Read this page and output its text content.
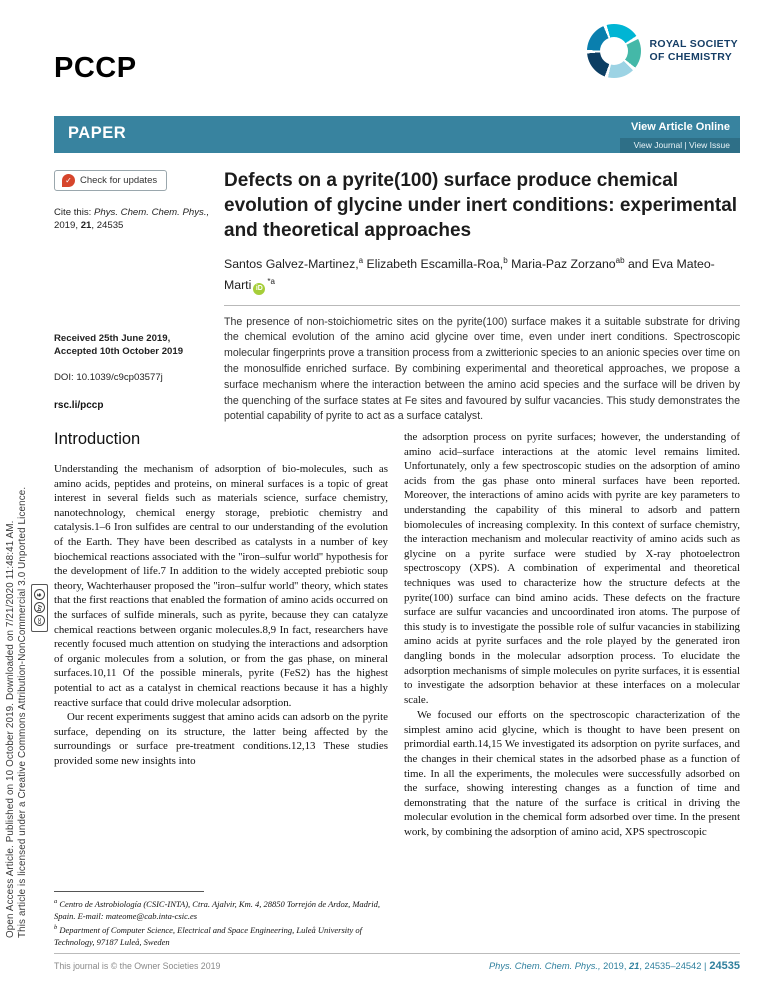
Open Access Article. Published on 10 October 2019. Downloaded on 7/21/2020 11:48:41 AM. This article is licensed under a Creative Commons Attribution-NonCommercial 3.0 Unported Licence.	cc
by
$
PCCP
ROYAL SOCIETY
OF CHEMISTRY
PAPER	View Article Online
View Journal | View Issue
✓ Check for updates

Cite this: Phys. Chem. Chem. Phys., 2019, 21, 24535

Received 25th June 2019,
Accepted 10th October 2019

DOI: 10.1039/c9cp03577j

rsc.li/pccp
Defects on a pyrite(100) surface produce chemical evolution of glycine under inert conditions: experimental and theoretical approaches

Santos Galvez-Martinez,$^a$ Elizabeth Escamilla-Roa,$^b$ Maria-Paz Zorzano$^{ab}$ and Eva Mateo-Marti $iD^{*a}$

The presence of non-stoichiometric sites on the pyrite(100) surface makes it a suitable substrate for driving the chemical evolution of the amino acid glycine over time, even under inert conditions. Spectroscopic molecular fingerprints prove a transition process from a zwitterionic species to an anionic species over time on the monosulfide enriched surface. By combining experimental and theoretical approaches, we propose a surface mechanism where the interaction between the amino acid species and the surface will be driven by the quenching of the surface states at Fe sites and favoured by sulfur vacancies. This study demonstrates the potential capability of pyrite to act as a surface catalyst.

Introduction

Understanding the mechanism of adsorption of bio-molecules, such as amino acids, peptides and proteins, on mineral surfaces is a topic of great interest in several fields such as materials science, surface chemistry, nanotechnology, chemical energy storage, prebiotic chemistry and catalysis.1–6 Iron sulfides are central to our understanding of the evolution of the Earth. They have been described as catalysts in a number of key biochemical reactions associated with the ''iron–sulfur world'' hypothesis for the development of life.7 In addition to the widely accepted prebiotic soup theory, Wachterhauser proposed the ''iron–sulfur world'' theory, which states that the first reactions that enabled the formation of amino acids occurred on the surfaces of sulfide minerals, such as pyrite, because they can catalyze chemical reactions between organic molecules.8,9 In fact, researchers have recently focused much attention on studying the interactions and adsorption of organic molecules from a solution, or from the gas phase, on mineral surfaces.10,11 Of the possible minerals, pyrite (FeS2) has the highest potential to act as a catalyst in chemical reactions because it has a highly reactive surface that could drive molecular adsorption.

Our recent experiments suggest that amino acids can adsorb on the pyrite surface, depending on its structure, the latter being affected by the surroundings or surface pre-treatment conditions.12,13 These studies provided some new insights into

$^a$ Centro de Astrobiología (CSIC-INTA), Ctra. Ajalvir, Km. 4, 28850 Torrejón de Ardoz, Madrid, Spain. E-mail: mateome@cab.inta-csic.es

$^b$ Department of Computer Science, Electrical and Space Engineering, Luleå University of Technology, 97187 Luleå, Sweden

the adsorption process on pyrite surfaces; however, the understanding of amino acid–surface interactions at the atomic level remains limited. Unfortunately, only a few spectroscopic studies on the adsorption of amino acids from the gas phase onto mineral surfaces have been reported. Moreover, the interactions of amino acids with pyrite are key parameters to understanding the capability of this mineral to adsorb and pattern biomolecules of increasing complexity. In this context of surface chemistry, the interaction mechanism and molecular reactivity of amino acids such as glycine on a pyrite surface were studied by X-ray photoelectron spectroscopy (XPS). A combination of experimental and theoretical techniques was used to characterize how the structure defects at the pyrite(100) surface can bind amino acids. These defects on the fracture surface are sulfur vacancies and uncoordinated iron atoms. The purpose of this study is to investigate the possible role of sulfur vacancies in stabilizing amino acids at pyrite surfaces and the role played by the generated iron dangling bonds in the molecular adsorption process. To elucidate the adsorption mechanisms of simple molecules on pyrite surfaces, it is essential to investigate the adsorption behavior at these interfaces on a molecular scale.

We focused our efforts on the spectroscopic characterization of the simplest amino acid glycine, which is thought to have been present on primordial earth.14,15 We investigated its adsorption on pyrite surfaces, and the changes in their chemical states in the adsorbed phase as a function of time. In all the experiments, the molecules were successfully adsorbed on the surface, showing interesting changes as a function of time and demonstrating that the nature of the surface is critical in driving the molecular evolution in the chemical form adsorbed over time. In the present work, by combining the adsorption of amino acid, XPS spectroscopic

This journal is © the Owner Societies 2019	Phys. Chem. Chem. Phys., 2019, 21, 24535–24542 | 24535
